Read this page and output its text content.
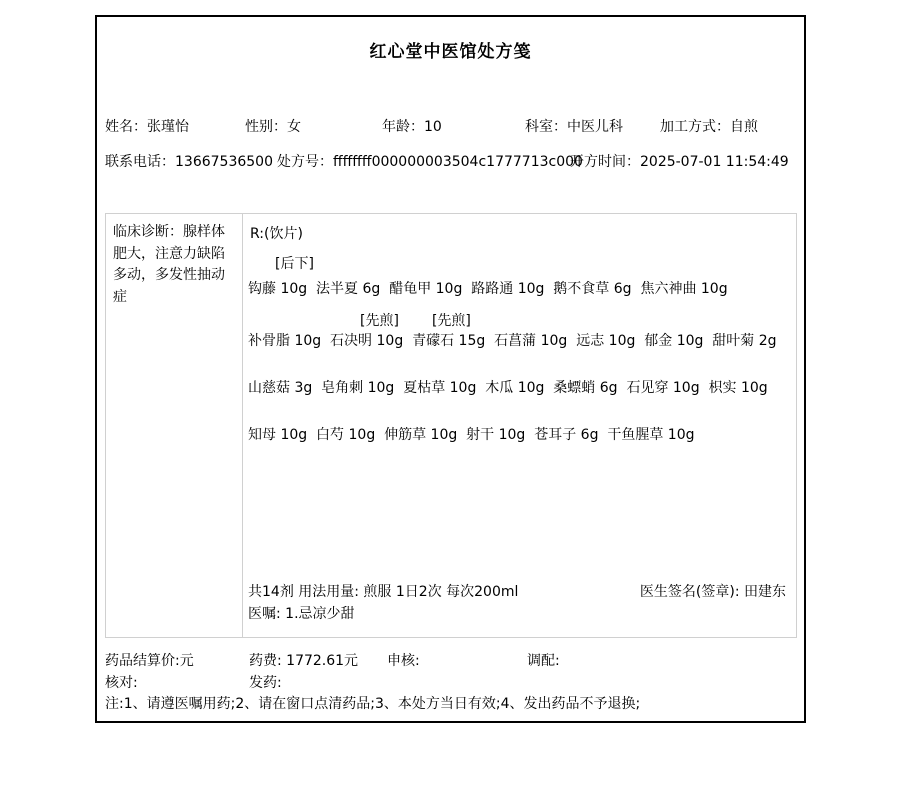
红心堂中医馆处方笺
姓名：张瑾怡	性别：女	年龄：10	科室：中医儿科	加工方式：自煎
联系电话：13667536500 处方号：ffffffff000000003504c1777713c000
开方时间：2025-07-01 11:54:49
临床诊断：腺样体肥大，注意力缺陷多动，多发性抽动症
R:(饮片)
[后下]
钩藤 10g  法半夏 6g  醋龟甲 10g  路路通 10g  鹅不食草 6g  焦六神曲 10g
[先煎] [先煎]
补骨脂 10g  石决明 10g  青礞石 15g  石菖蒲 10g  远志 10g  郁金 10g  甜叶菊 2g
山慈菇 3g  皂角刺 10g  夏枯草 10g  木瓜 10g  桑螵蛸 6g  石见穿 10g  枳实 10g
知母 10g  白芍 10g  伸筋草 10g  射干 10g  苍耳子 6g  干鱼腥草 10g
共14剂 用法用量: 煎服 1日2次 每次200ml	医生签名(签章): 田建东
医嘱: 1.忌凉少甜
药品结算价:元	药费: 1772.61元 申核:	调配:
核对:	发药:
注:1、请遵医嘱用药;2、请在窗口点清药品;3、本处方当日有效;4、发出药品不予退换;
